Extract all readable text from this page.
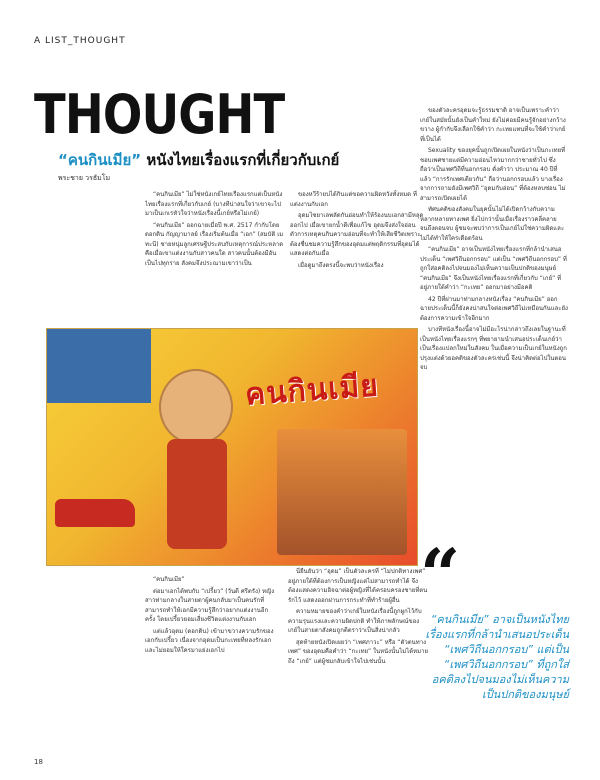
A LIST_THOUGHT
THOUGHT
“คนกินเมีย” หนังไทยเรื่องแรกที่เกี่ยวกับเกย์
พระชาย วรธัมโม

“คนกินเมีย” ไม่ใช่หนังเกย์ไทยเรื่องแรกแต่เป็นหนังไทยเรื่องแรกที่เกี่ยวกับเกย์ (บางทีน่าสนใจว่าเขาจะไปมาเป็นเกเรหัวใจว่าหนังเรื่องนี้เกย์หรือไม่เกย์)

“คนกินเมีย” ออกฉายเมื่อปี พ.ศ. 2517 กำกับโดย ดอกดิน กัญญามาลย์ เรื่องเริ่มต้นเมื่อ “เอก” (สมบัติ เมทะนี) ชายหนุ่มลูกเศรษฐีประสบกับเหตุการณ์ประหลาดคือเมื่อเขาแต่งงานกับสาวคนใด สาวคนนั้นต้องมีอันเป็นไปทุกราย สังคมจึงประณามเขาว่าเป็น

ของหวีร้ายบ่ได้กินแต่ขอความผิดหวังทั้งหมด ที่แต่งงานกับเอก

อุดมไซยาเลพลัดกันอ่อนทำให้ร้องนบเอกสามีหลุดออกไป เมื่อเขายกน้ำดีเพื่อแก้ไข อุดมจึงส่งใจอ่อนตัวการเหตุคนกินความอ่อนที่จะทำให้เสียชีวิตเพราะต้องชื่นชมความรู้สึกของอุดมแต่พฤติกรรมที่อุดมได้แสดงต่อกันเมื่อ

เมื่อดูมาถึงตรงนี้จะพบว่าหนังเรื่อง

ของตัวละครอุดมจะรู้ธรรมชาติ อาจเป็นเพราะคำว่าเกย์ในสมัยนั้นยังเป็นคำใหม่ ยังไม่ค่อยมีคนรู้จักอย่างกว้างขวาง ผู้กำกับจึงเลือกใช้คำว่า กะเทยแทนที่จะใช้คำว่าเกย์ที่เป็นได้

Sexuality ของยุคนั้นถูกเปิดเผยในหนังว่าเป็นกะเทยที่ชอบเพศชายแต่มีความอ่อนไหวมากกว่าชายทั่วไป ซึ่งถือว่าเป็นเพศวิถีที่นอกกรอบ ดั่งคำว่า ประมาณ 40 ปีที่แล้ว “การรักเพศเดียวกัน” ถือว่านอกกรอบแล้ว บางเรื่องจากการถามยังมีเพศวิถี “อุดมกับอ่อน” ที่ต้องหลบซ่อน ไม่สามารถเปิดเผยได้

ทัศนคติของสังคมในยุคนั้นไม่ได้เปิดกว้างกับความหลากหลายทางเพศ ยิ่งไปกว่านั้นเมื่อเรื่องราวคลี่คลายจนถึงตอนจบ ผู้ชมจะพบว่าการเป็นเกย์ไม่ใช่ความผิดและไม่ได้ทำให้ใครเดือดร้อน

“คนกินเมีย” อาจเป็นหนังไทยเรื่องแรกที่กล้านำเสนอประเด็น “เพศวิถีนอกกรอบ” แต่เป็น “เพศวิถีนอกกรอบ” ที่ถูกใส่อคติลงไปจนมองไม่เห็นความเป็นปกติของมนุษย์ “คนกินเมีย” จึงเป็นหนังไทยเรื่องแรกที่เกี่ยวกับ “เกย์” ที่อยู่ภายใต้คำว่า “กะเทย” ออกมาอย่างมีอคติ

42 ปีที่ผ่านมาท่ามกลางหนังเรื่อง “คนกินเมีย” ออกฉายประเด็นนี้ก็ยังคงน่าสนใจต่อเพศวิถีไม่เหมือนกันและยังต้องการความเข้าใจอีกมาก

บางทีหนังเรื่องนี้อาจไม่มีอะไรน่ากล่าวถึงเลยในฐานะที่เป็นหนังไทยเรื่องแรกๆ ที่พยายามนำเสนอประเด็นเกย์ว่าเป็นเรื่องแปลกใหม่ในสังคม ในเมื่อความเป็นเกย์ในหนังถูกปรุงแต่งด้วยอคติของตัวละครเช่นนี้ จึงน่าคิดต่อไปในตอนจบ

คนกินเมีย

“คนกินเมีย”

ต่อมาเอกได้พบกับ “เปรี้ยว” (วันดี ศรีตรัง) หญิงสาวท่ามกลางในสายตาผู้คนกลับมาเป็นคนรักที่สามารถทำให้เอกมีความรู้สึกว่าอยากแต่งงานอีกครั้ง โดยเปรี้ยวยอมเสี่ยงชีวิตแต่งงานกับเอก

แต่แล้วอุดม (ดอกดิน) เข้ามาขวางความรักของเอกกับเปรี้ยว เนื่องจากอุดมเป็นกะเทยที่หลงรักเอก และไม่ยอมให้ใครมาแย่งเอกไป

นี่ยืนยันว่า “อุดม” เป็นตัวละครที่ “ไม่ปกติทางเพศ” อยู่ภายใต้ที่ต้องการเป็นหญิงแต่ไม่สามารถทำได้ จึงต้องแสดงความอิจฉาต่อผู้หญิงที่ได้ครอบครองชายที่ตนรักไว้ แสดงออกผ่านการกระทำที่ทำร้ายผู้อื่น

ความหมายของคำว่าเกย์ในหนังเรื่องนี้ถูกผูกไว้กับความรุนแรงและความผิดปกติ ทำให้ภาพลักษณ์ของเกย์ในสายตาสังคมถูกตีตราว่าเป็นสิ่งน่ากลัว

สุดท้ายหนังเปิดเผยว่า “เพศภาวะ” หรือ “ตัวตนทางเพศ” ของอุดมคือคำว่า “กะเทย” ในหนังนั้นไม่ได้หมายถึง “เกย์” แต่ผู้ชมกลับเข้าใจไปเช่นนั้น

“
“คนกินเมีย” อาจเป็นหนังไทยเรื่องแรกที่กล้านำเสนอประเด็น “เพศวิถีนอกกรอบ” แต่เป็น “เพศวิถีนอกกรอบ” ที่ถูกใส่อคติลงไปจนมองไม่เห็นความเป็นปกติของมนุษย์
18
